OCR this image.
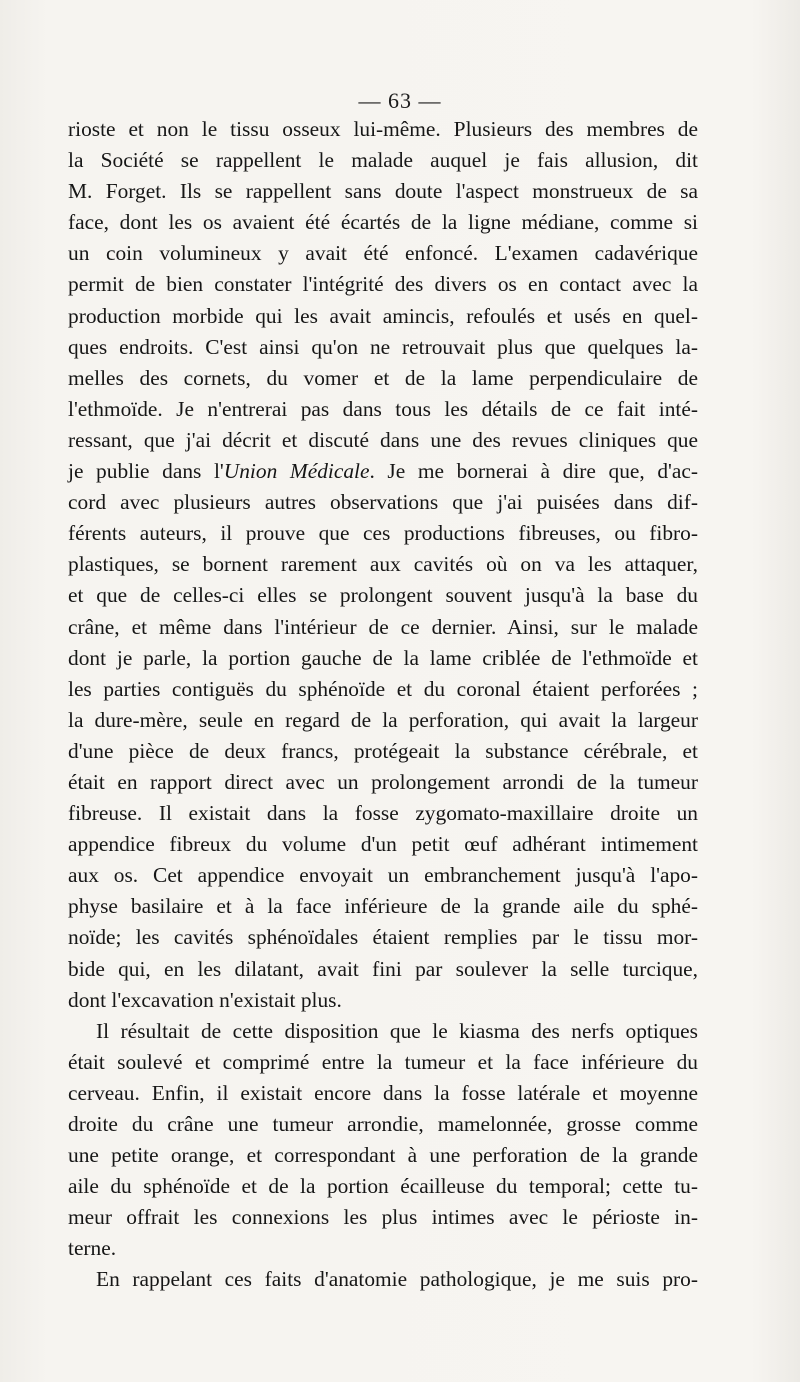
— 63 —
rioste et non le tissu osseux lui-même. Plusieurs des membres de
la Société se rappellent le malade auquel je fais allusion, dit
M. Forget. Ils se rappellent sans doute l'aspect monstrueux de sa
face, dont les os avaient été écartés de la ligne médiane, comme si
un coin volumineux y avait été enfoncé. L'examen cadavérique
permit de bien constater l'intégrité des divers os en contact avec la
production morbide qui les avait amincis, refoulés et usés en quel-
ques endroits. C'est ainsi qu'on ne retrouvait plus que quelques la-
melles des cornets, du vomer et de la lame perpendiculaire de
l'ethmoïde. Je n'entrerai pas dans tous les détails de ce fait inté-
ressant, que j'ai décrit et discuté dans une des revues cliniques que
je publie dans l'Union Médicale. Je me bornerai à dire que, d'ac-
cord avec plusieurs autres observations que j'ai puisées dans dif-
férents auteurs, il prouve que ces productions fibreuses, ou fibro-
plastiques, se bornent rarement aux cavités où on va les attaquer,
et que de celles-ci elles se prolongent souvent jusqu'à la base du
crâne, et même dans l'intérieur de ce dernier. Ainsi, sur le malade
dont je parle, la portion gauche de la lame criblée de l'ethmoïde et
les parties contiguës du sphénoïde et du coronal étaient perforées ;
la dure-mère, seule en regard de la perforation, qui avait la largeur
d'une pièce de deux francs, protégeait la substance cérébrale, et
était en rapport direct avec un prolongement arrondi de la tumeur
fibreuse. Il existait dans la fosse zygomato-maxillaire droite un
appendice fibreux du volume d'un petit œuf adhérant intimement
aux os. Cet appendice envoyait un embranchement jusqu'à l'apo-
physe basilaire et à la face inférieure de la grande aile du sphé-
noïde; les cavités sphénoïdales étaient remplies par le tissu mor-
bide qui, en les dilatant, avait fini par soulever la selle turcique,
dont l'excavation n'existait plus.
Il résultait de cette disposition que le kiasma des nerfs optiques
était soulevé et comprimé entre la tumeur et la face inférieure du
cerveau. Enfin, il existait encore dans la fosse latérale et moyenne
droite du crâne une tumeur arrondie, mamelonnée, grosse comme
une petite orange, et correspondant à une perforation de la grande
aile du sphénoïde et de la portion écailleuse du temporal; cette tu-
meur offrait les connexions les plus intimes avec le périoste in-
terne.
En rappelant ces faits d'anatomie pathologique, je me suis pro-
